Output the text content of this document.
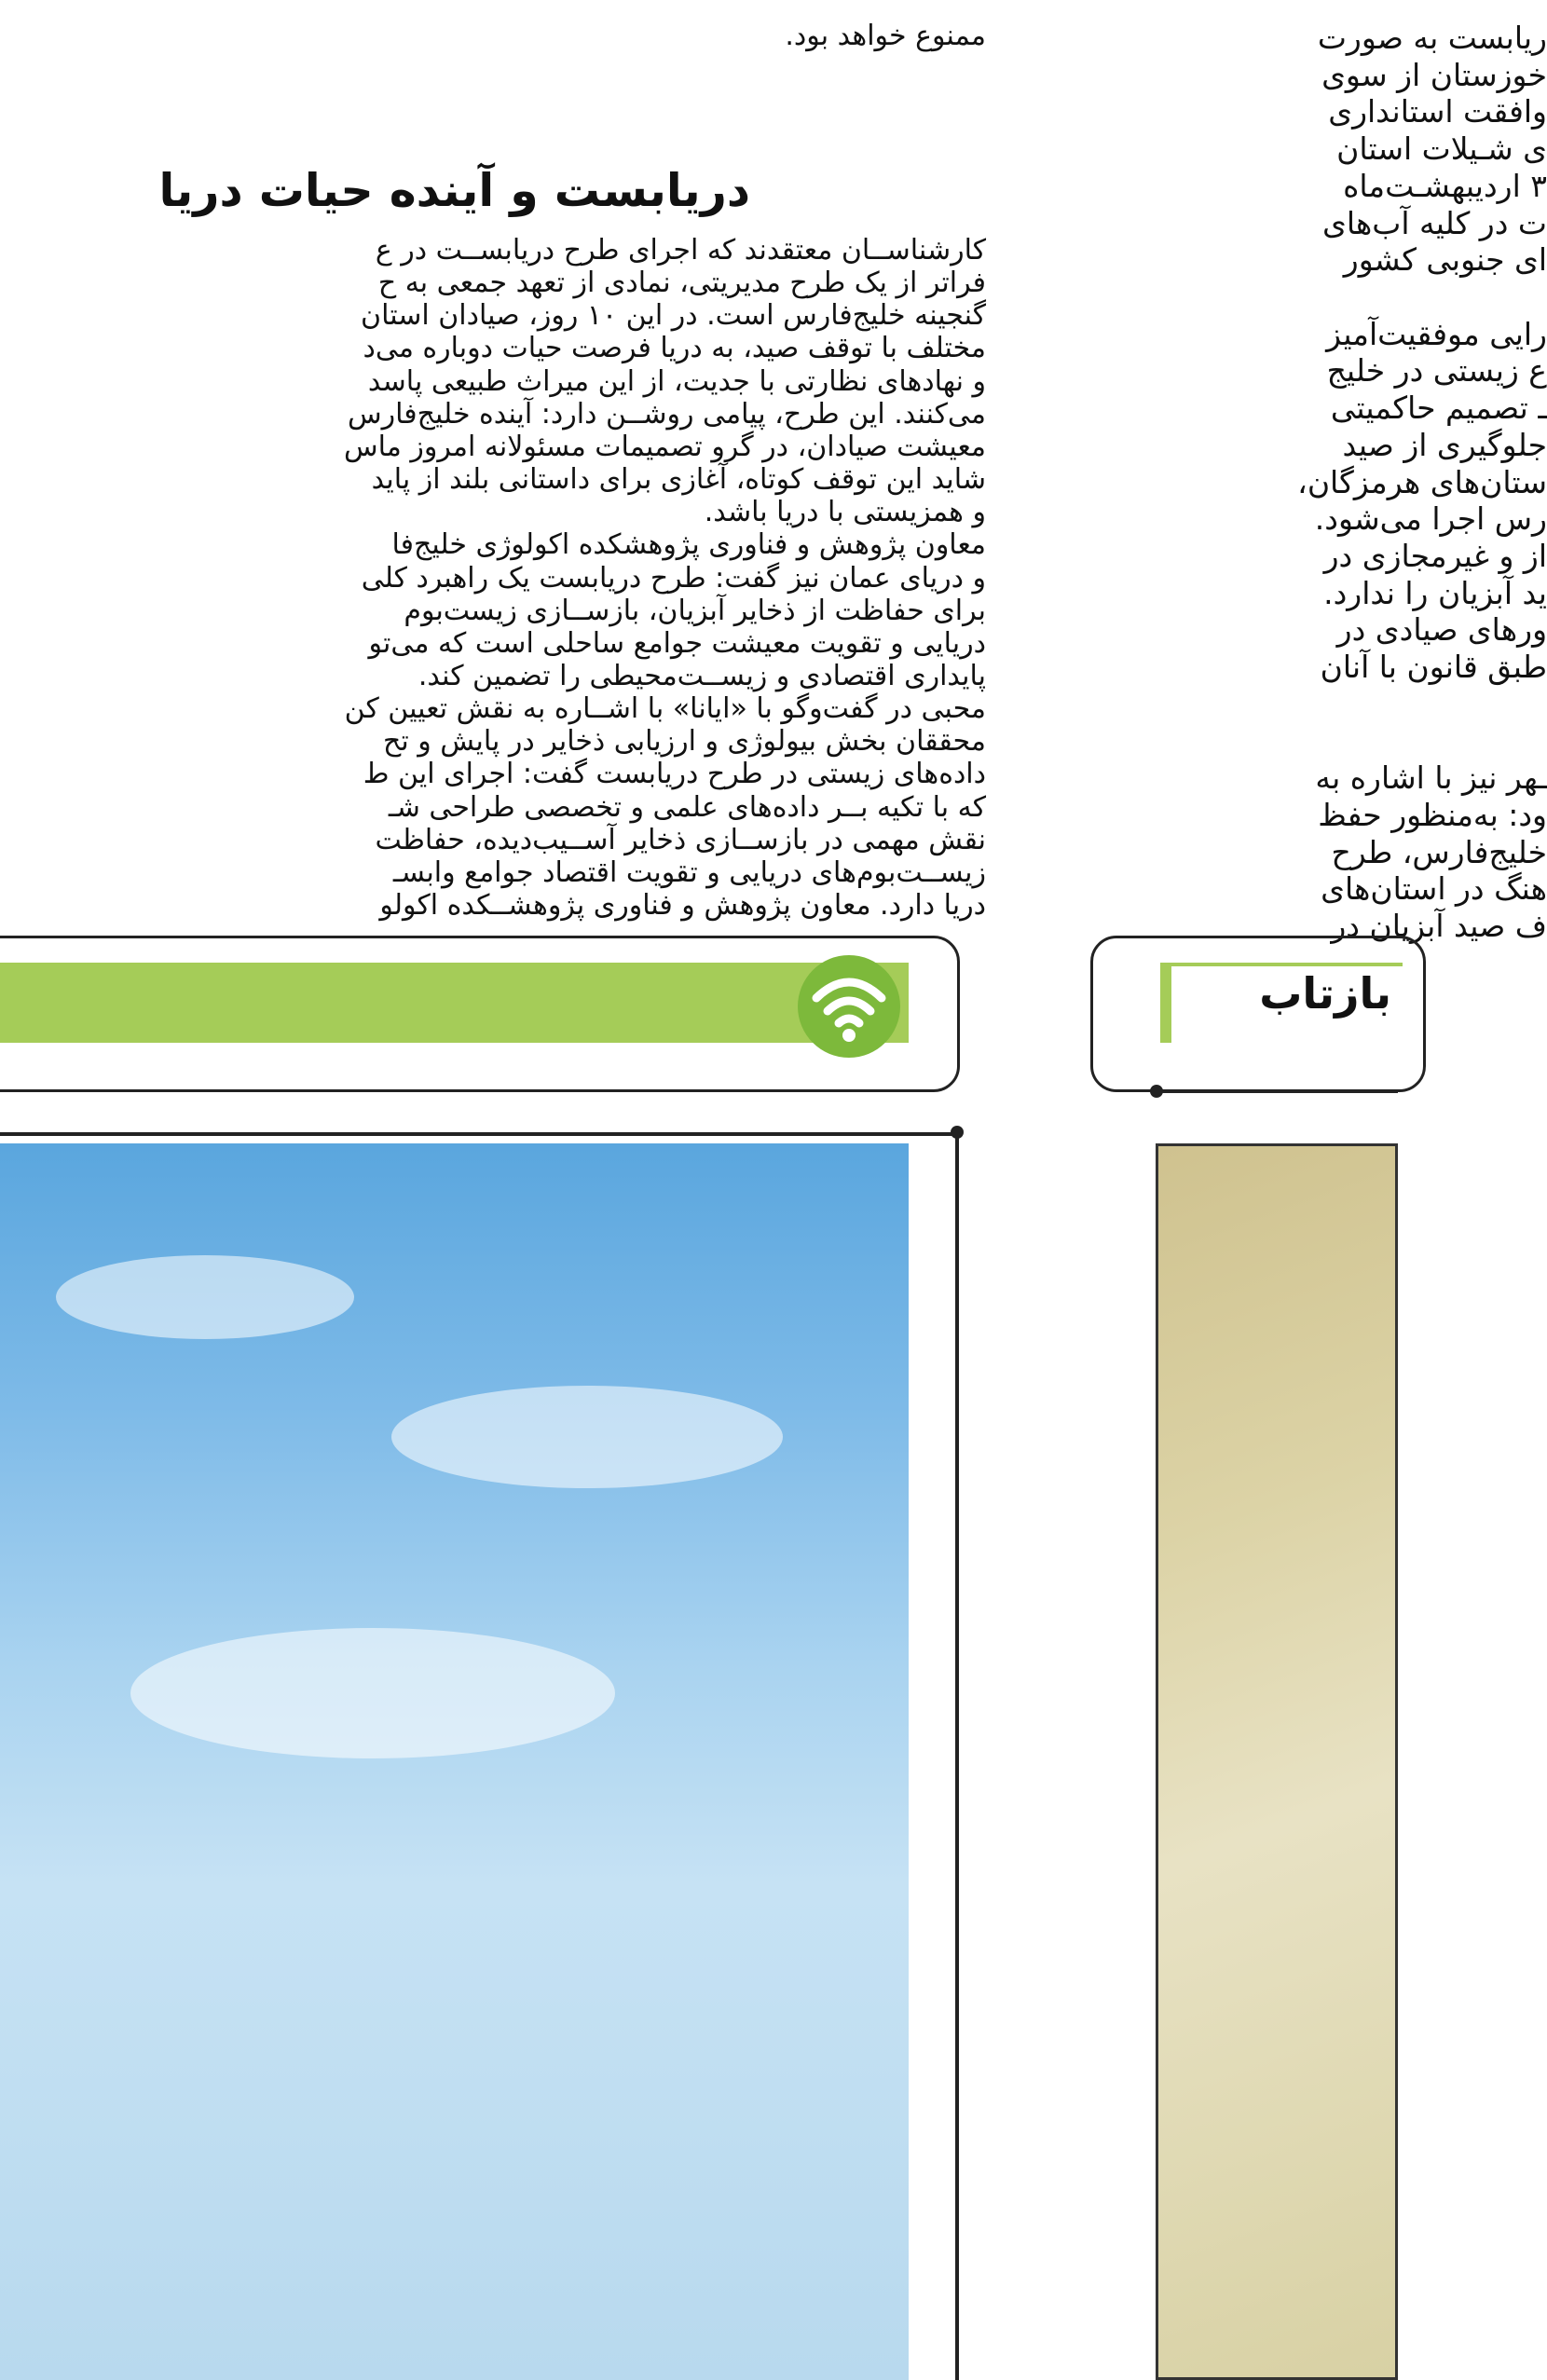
ریابست به صورت
خوزستان از سوی
وافقت استانداری
ی شـیلات استان
۳ اردیبهشـت‌ماه
ت در کلیه آب‌های
ای جنوبی کشور
رایی موفقیت‌آمیز
ع زیستی در خلیج
ـ تصمیم حاکمیتی
جلوگیری از صید
ستان‌های هرمزگان،
رس اجرا می‌شود.
از و غیرمجازی در
ید آبزیان را ندارد.
ورهای صیادی در
طبق قانون با آنان
ـهر نیز با اشاره به
ود: به‌منظور حفظ
خلیج‌فارس، طرح
هنگ در استان‌های
ف صید آبزیان در
ممنوع خواهد بود.
دریابست و آینده حیات دریا
کارشناســان معتقدند که اجرای طرح دریابســت در ع
فراتر از یک طرح مدیریتی، نمادی از تعهد جمعی به ح
گنجینه خلیج‌فارس است. در این ۱۰ روز، صیادان استان
مختلف با توقف صید، به دریا فرصت حیات دوباره می‌د
و نهادهای نظارتی با جدیت، از این میراث طبیعی پاسد
می‌کنند. این طرح، پیامی روشــن دارد: آینده خلیج‌فارس
معیشت صیادان، در گرو تصمیمات مسئولانه امروز ماس
شاید این توقف کوتاه، آغازی برای داستانی بلند از پاید
و همزیستی با دریا باشد.
معاون پژوهش و فناوری پژوهشکده اکولوژی خلیج‌فا
و دریای عمان نیز گفت: طرح دریابست یک راهبرد کلی
برای حفاظت از ذخایر آبزیان، بازســازی زیست‌بوم
دریایی و تقویت معیشت جوامع ساحلی است که می‌تو
پایداری اقتصادی و زیســت‌محیطی را تضمین کند.
محبی در گفت‌وگو با «ایانا» با اشــاره به نقش تعیین کن
محققان بخش بیولوژی و ارزیابی ذخایر در پایش و تح
داده‌های زیستی در طرح دریابست گفت: اجرای این ط
که با تکیه بــر داده‌های علمی و تخصصی طراحی شـ
نقش مهمی در بازســازی ذخایر آســیب‌دیده، حفاظت
زیســت‌بوم‌های دریایی و تقویت اقتصاد جوامع وابسـ
دریا دارد. معاون پژوهش و فناوری پژوهشــکده اکولو
بازتاب
